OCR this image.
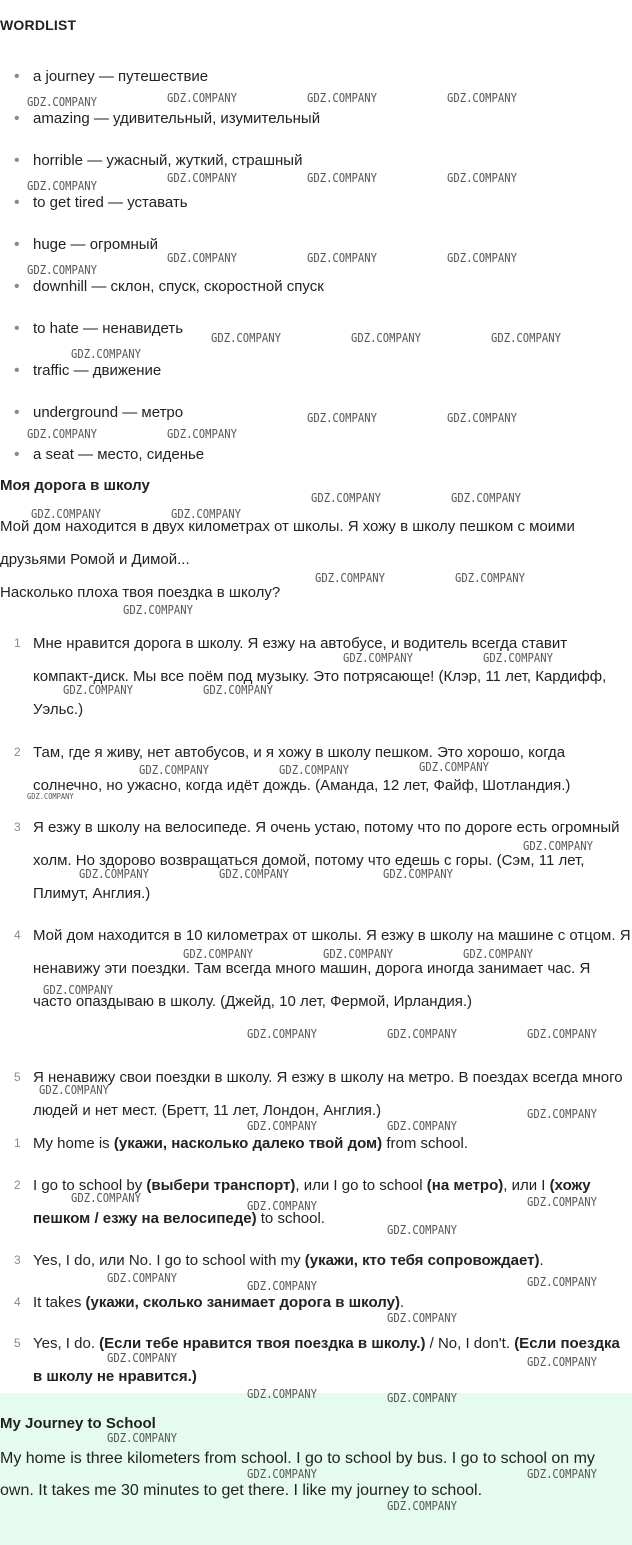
WORDLIST
• a journey — путешествие
• amazing — удивительный, изумительный
• horrible — ужасный, жуткий, страшный
• to get tired — уставать
• huge — огромный
• downhill — склон, спуск, скоростной спуск
• to hate — ненавидеть
• traffic — движение
• underground — метро
• a seat — место, сиденье
Моя дорога в школу

Мой дом находится в двух километрах от школы. Я хожу в школу пешком с моими друзьями Ромой и Димой...

Насколько плоха твоя поездка в школу?

1 Мне нравится дорога в школу. Я езжу на автобусе, и водитель всегда ставит компакт-диск. Мы все поём под музыку. Это потрясающе! (Клэр, 11 лет, Кардифф, Уэльс.)
2 Там, где я живу, нет автобусов, и я хожу в школу пешком. Это хорошо, когда солнечно, но ужасно, когда идёт дождь. (Аманда, 12 лет, Файф, Шотландия.)
3 Я езжу в школу на велосипеде. Я очень устаю, потому что по дороге есть огромный холм. Но здорово возвращаться домой, потому что едешь с горы. (Сэм, 11 лет, Плимут, Англия.)
4 Мой дом находится в 10 километрах от школы. Я езжу в школу на машине с отцом. Я ненавижу эти поездки. Там всегда много машин, дорога иногда занимает час. Я часто опаздываю в школу. (Джейд, 10 лет, Фермой, Ирландия.)
5 Я ненавижу свои поездки в школу. Я езжу в школу на метро. В поездах всегда много людей и нет мест. (Бретт, 11 лет, Лондон, Англия.)
1 My home is (укажи, насколько далеко твой дом) from school.
2 I go to school by (выбери транспорт), или I go to school (на метро), или I (хожу пешком / езжу на велосипеде) to school.
3 Yes, I do, или No. I go to school with my (укажи, кто тебя сопровождает).
4 It takes (укажи, сколько занимает дорога в школу).
5 Yes, I do. (Если тебе нравится твоя поездка в школу.) / No, I don't. (Если поездка в школу не нравится.)
My Journey to School

My home is three kilometers from school. I go to school by bus. I go to school on my own. It takes me 30 minutes to get there. I like my journey to school.

GDZ.COMPANY	GDZ.COMPANY	GDZ.COMPANY	GDZ.COMPANY
GDZ.COMPANY
GDZ.COMPANY	GDZ.COMPANY	GDZ.COMPANY
GDZ.COMPANY
GDZ.COMPANY	GDZ.COMPANY	GDZ.COMPANY
GDZ.COMPANY	GDZ.COMPANY	GDZ.COMPANY
GDZ.COMPANY
GDZ.COMPANY	GDZ.COMPANY
GDZ.COMPANY	GDZ.COMPANY
GDZ.COMPANY	GDZ.COMPANY
GDZ.COMPANY	GDZ.COMPANY
GDZ.COMPANY	GDZ.COMPANY
GDZ.COMPANY
GDZ.COMPANY	GDZ.COMPANY
GDZ.COMPANY	GDZ.COMPANY
GDZ.COMPANY
GDZ.COMPANY	GDZ.COMPANY
GDZ.COMPANY
GDZ.COMPANY
GDZ.COMPANY	GDZ.COMPANY	GDZ.COMPANY
GDZ.COMPANY	GDZ.COMPANY	GDZ.COMPANY
GDZ.COMPANY
GDZ.COMPANY	GDZ.COMPANY	GDZ.COMPANY
GDZ.COMPANY
GDZ.COMPANY
GDZ.COMPANY	GDZ.COMPANY
GDZ.COMPANY	GDZ.COMPANY
GDZ.COMPANY
GDZ.COMPANY
GDZ.COMPANY	GDZ.COMPANY
GDZ.COMPANY
GDZ.COMPANY
GDZ.COMPANY	GDZ.COMPANY
GDZ.COMPANY	GDZ.COMPANY
GDZ.COMPANY
GDZ.COMPANY	GDZ.COMPANY
GDZ.COMPANY
